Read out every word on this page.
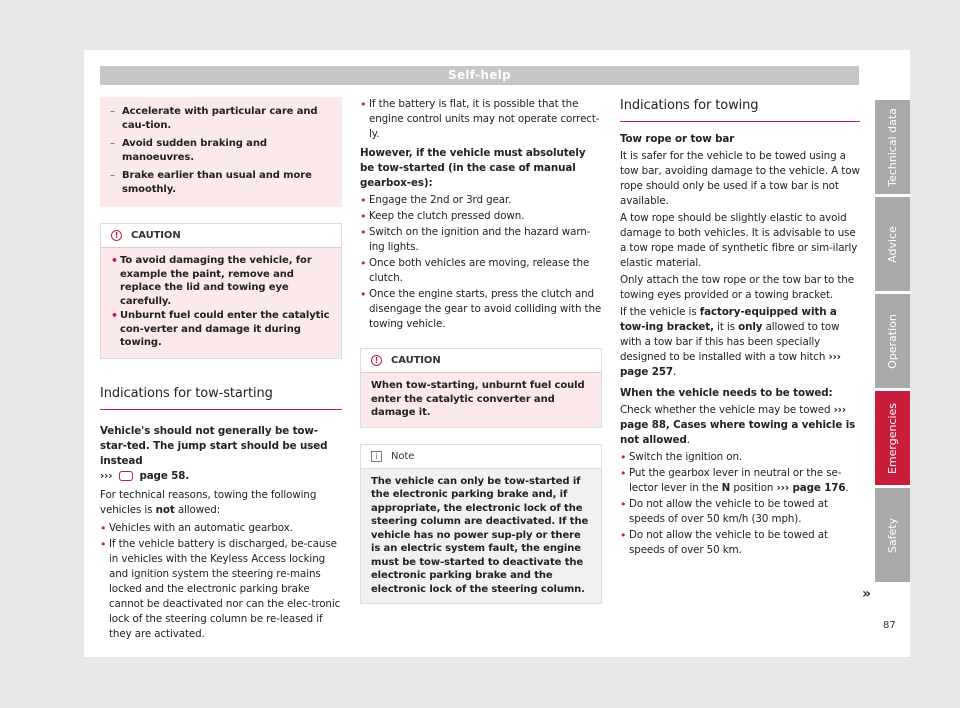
Self-help
– Accelerate with particular care and cau-tion.
– Avoid sudden braking and manoeuvres.
– Brake earlier than usual and more smoothly.
!	CAUTION
• To avoid damaging the vehicle, for example the paint, remove and replace the lid and towing eye carefully.
• Unburnt fuel could enter the catalytic con-verter and damage it during towing.
Indications for tow-starting

Vehicle's should not generally be tow-star-ted. The jump start should be used instead
›››	page 58.

For technical reasons, towing the following vehicles is not allowed:

• Vehicles with an automatic gearbox.
• If the vehicle battery is discharged, be-cause in vehicles with the Keyless Access locking and ignition system the steering re-mains locked and the electronic parking brake cannot be deactivated nor can the elec-tronic lock of the steering column be re-leased if they are activated.
• If the battery is flat, it is possible that the engine control units may not operate correct-ly.

However, if the vehicle must absolutely be tow-started (in the case of manual gearbox-es):

• Engage the 2nd or 3rd gear.
• Keep the clutch pressed down.
• Switch on the ignition and the hazard warn-ing lights.
• Once both vehicles are moving, release the clutch.
• Once the engine starts, press the clutch and disengage the gear to avoid colliding with the towing vehicle.
!	CAUTION
When tow-starting, unburnt fuel could enter the catalytic converter and damage it.
i	Note
The vehicle can only be tow-started if the electronic parking brake and, if appropriate, the electronic lock of the steering column are deactivated. If the vehicle has no power sup-ply or there is an electric system fault, the engine must be tow-started to deactivate the electronic parking brake and the electronic lock of the steering column.
Indications for towing

Tow rope or tow bar

It is safer for the vehicle to be towed using a tow bar, avoiding damage to the vehicle. A tow rope should only be used if a tow bar is not available.

A tow rope should be slightly elastic to avoid damage to both vehicles. It is advisable to use a tow rope made of synthetic fibre or sim-ilarly elastic material.

Only attach the tow rope or the tow bar to the towing eyes provided or a towing bracket.

If the vehicle is factory-equipped with a tow-ing bracket, it is only allowed to tow with a tow bar if this has been specially designed to be installed with a tow hitch ››› page 257.

When the vehicle needs to be towed:

Check whether the vehicle may be towed ››› page 88, Cases where towing a vehicle is not allowed.

• Switch the ignition on.
• Put the gearbox lever in neutral or the se-lector lever in the N position ››› page 176.
• Do not allow the vehicle to be towed at speeds of over 50 km/h (30 mph).
• Do not allow the vehicle to be towed at speeds of over 50 km.
»
Technical data
Advice
Operation
Emergencies
Safety
87
